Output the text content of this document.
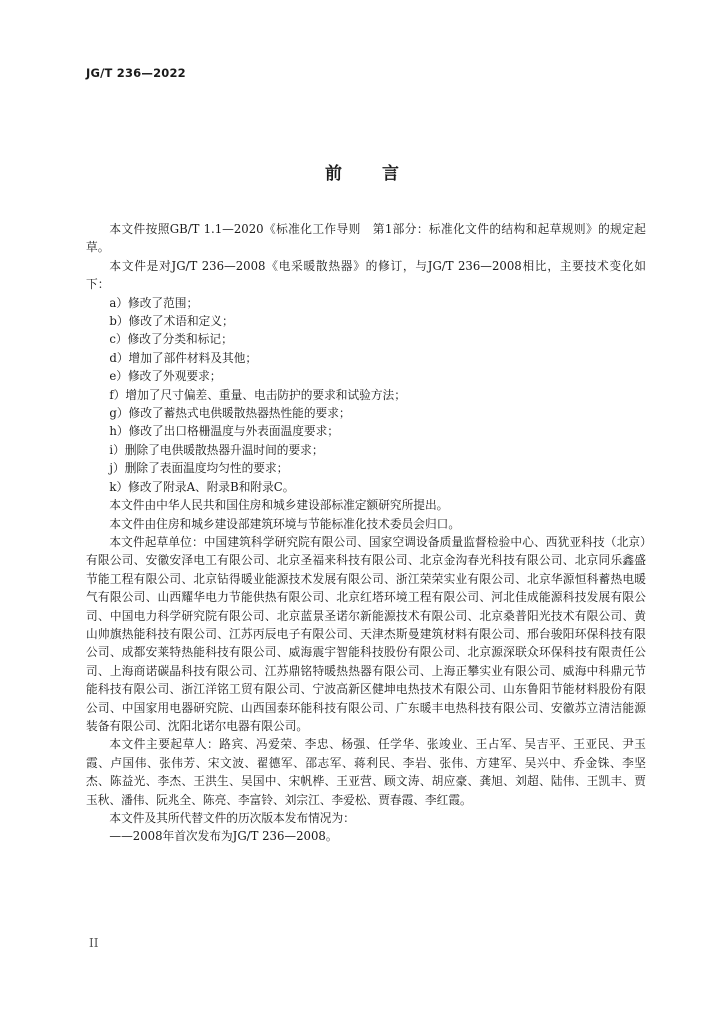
JG/T 236—2022
前言

本文件按照GB/T 1.1—2020《标准化工作导则　第1部分：标准化文件的结构和起草规则》的规定起草。

本文件是对JG/T 236—2008《电采暖散热器》的修订，与JG/T 236—2008相比，主要技术变化如下：

a）修改了范围；

b）修改了术语和定义；

c）修改了分类和标记；

d）增加了部件材料及其他；

e）修改了外观要求；

f）增加了尺寸偏差、重量、电击防护的要求和试验方法；

g）修改了蓄热式电供暖散热器热性能的要求；

h）修改了出口格栅温度与外表面温度要求；

i）删除了电供暖散热器升温时间的要求；

j）删除了表面温度均匀性的要求；

k）修改了附录A、附录B和附录C。

本文件由中华人民共和国住房和城乡建设部标准定额研究所提出。

本文件由住房和城乡建设部建筑环境与节能标准化技术委员会归口。

本文件起草单位：中国建筑科学研究院有限公司、国家空调设备质量监督检验中心、西犹亚科技（北京）有限公司、安徽安泽电工有限公司、北京圣福来科技有限公司、北京金沟春光科技有限公司、北京同乐鑫盛节能工程有限公司、北京钻得暖业能源技术发展有限公司、浙江荣荣实业有限公司、北京华源恒科蓄热电暖气有限公司、山西耀华电力节能供热有限公司、北京红塔环境工程有限公司、河北佳成能源科技发展有限公司、中国电力科学研究院有限公司、北京蓝景圣诺尔新能源技术有限公司、北京桑普阳光技术有限公司、黄山帅旗热能科技有限公司、江苏丙辰电子有限公司、天津杰斯曼建筑材料有限公司、邢台骏阳环保科技有限公司、成都安莱特热能科技有限公司、威海震宇智能科技股份有限公司、北京源深联众环保科技有限责任公司、上海商诺碳晶科技有限公司、江苏鼎铭特暖热热器有限公司、上海正攀实业有限公司、威海中科鼎元节能科技有限公司、浙江洋铭工贸有限公司、宁波高新区健坤电热技术有限公司、山东鲁阳节能材料股份有限公司、中国家用电器研究院、山西国泰环能科技有限公司、广东暖丰电热科技有限公司、安徽苏立清洁能源装备有限公司、沈阳北诺尔电器有限公司。

本文件主要起草人：路宾、冯爱荣、李忠、杨强、任学华、张竣业、王占军、吴吉平、王亚民、尹玉霞、卢国伟、张伟芳、宋文波、翟德军、邵志军、蒋利民、李岩、张伟、方建军、吴兴中、乔金铢、李坚杰、陈益光、李杰、王洪生、吴国中、宋帆桦、王亚营、顾文涛、胡应豪、龚旭、刘超、陆伟、王凯丰、贾玉秋、潘伟、阮兆全、陈亮、李富铃、刘宗江、李爱松、贾春霞、李红霞。

本文件及其所代替文件的历次版本发布情况为：

——2008年首次发布为JG/T 236—2008。

II
